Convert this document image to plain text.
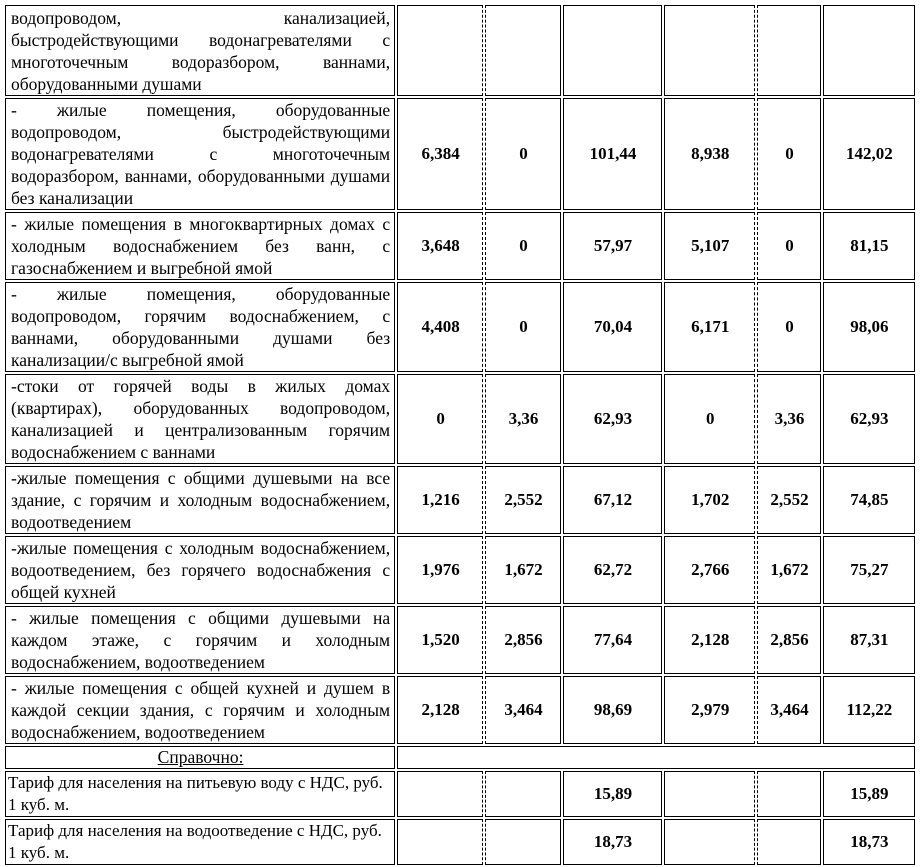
водопроводом, канализацией, быстродействующими водонагревателями с многоточечным водоразбором, ваннами, оборудованными душами						
- жилые помещения, оборудованные водопроводом, быстродействующими водонагревателями с многоточечным водоразбором, ваннами, оборудованными душами без канализации	6,384	0	101,44	8,938	0	142,02
- жилые помещения в многоквартирных домах с холодным водоснабжением без ванн, с газоснабжением и выгребной ямой	3,648	0	57,97	5,107	0	81,15
- жилые помещения, оборудованные водопроводом, горячим водоснабжением, с ваннами, оборудованными душами без канализации/с выгребной ямой	4,408	0	70,04	6,171	0	98,06
-стоки от горячей воды в жилых домах (квартирах), оборудованных водопроводом, канализацией и централизованным горячим водоснабжением с ваннами	0	3,36	62,93	0	3,36	62,93
-жилые помещения с общими душевыми на все здание, с горячим и холодным водоснабжением, водоотведением	1,216	2,552	67,12	1,702	2,552	74,85
-жилые помещения с холодным водоснабжением, водоотведением, без горячего водоснабжения с общей кухней	1,976	1,672	62,72	2,766	1,672	75,27
- жилые помещения с общими душевыми на каждом этаже, с горячим и холодным водоснабжением, водоотведением	1,520	2,856	77,64	2,128	2,856	87,31
- жилые помещения с общей кухней и душем в каждой секции здания, с горячим и холодным водоснабжением, водоотведением	2,128	3,464	98,69	2,979	3,464	112,22
Справочно:						
Тариф для населения на питьевую воду с НДС, руб. 1 куб. м.			15,89			15,89
Тариф для населения на водоотведение с НДС, руб. 1 куб. м.			18,73			18,73
